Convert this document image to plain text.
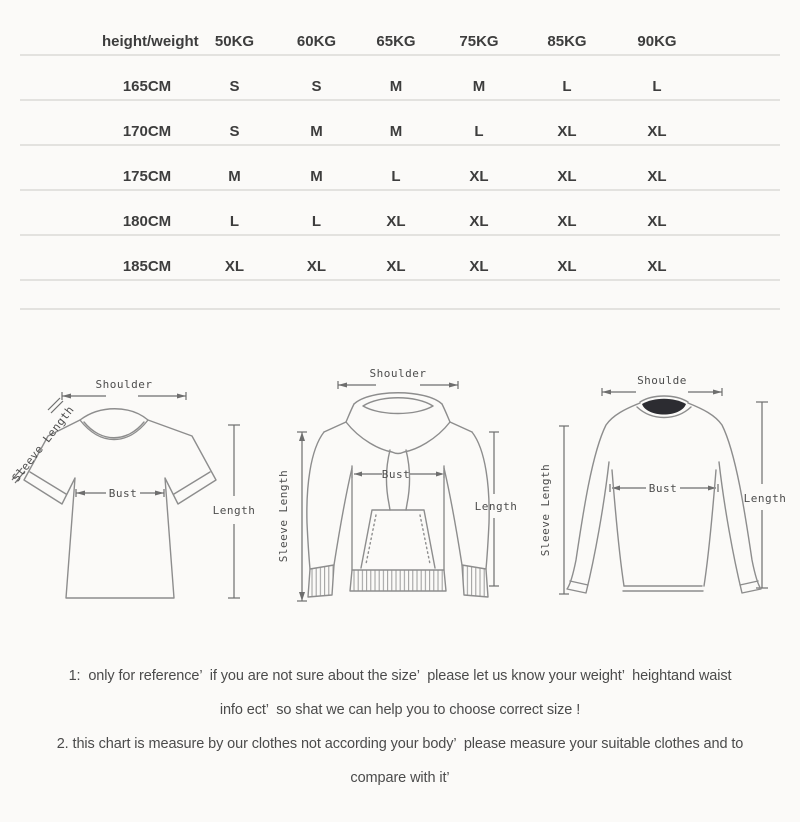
height/weight	50KG	60KG	65KG	75KG	85KG	90KG
165CM	S	S	M	M	L	L
170CM	S	M	M	L	XL	XL
175CM	M	M	L	XL	XL	XL
180CM	L	L	XL	XL	XL	XL
185CM	XL	XL	XL	XL	XL	XL
Shoulder
Sleeve Length
Bust
Length
Shoulder
Sleeve Length	Bust
Length
Shoulde
Sleeve Length	Bust
Length

1:  only for reference’  if you are not sure about the size’  please let us know your weight’  heightand waist

info ect’  so shat we can help you to choose correct size !

2. this chart is measure by our clothes not according your body’  please measure your suitable clothes and to

compare with it’
